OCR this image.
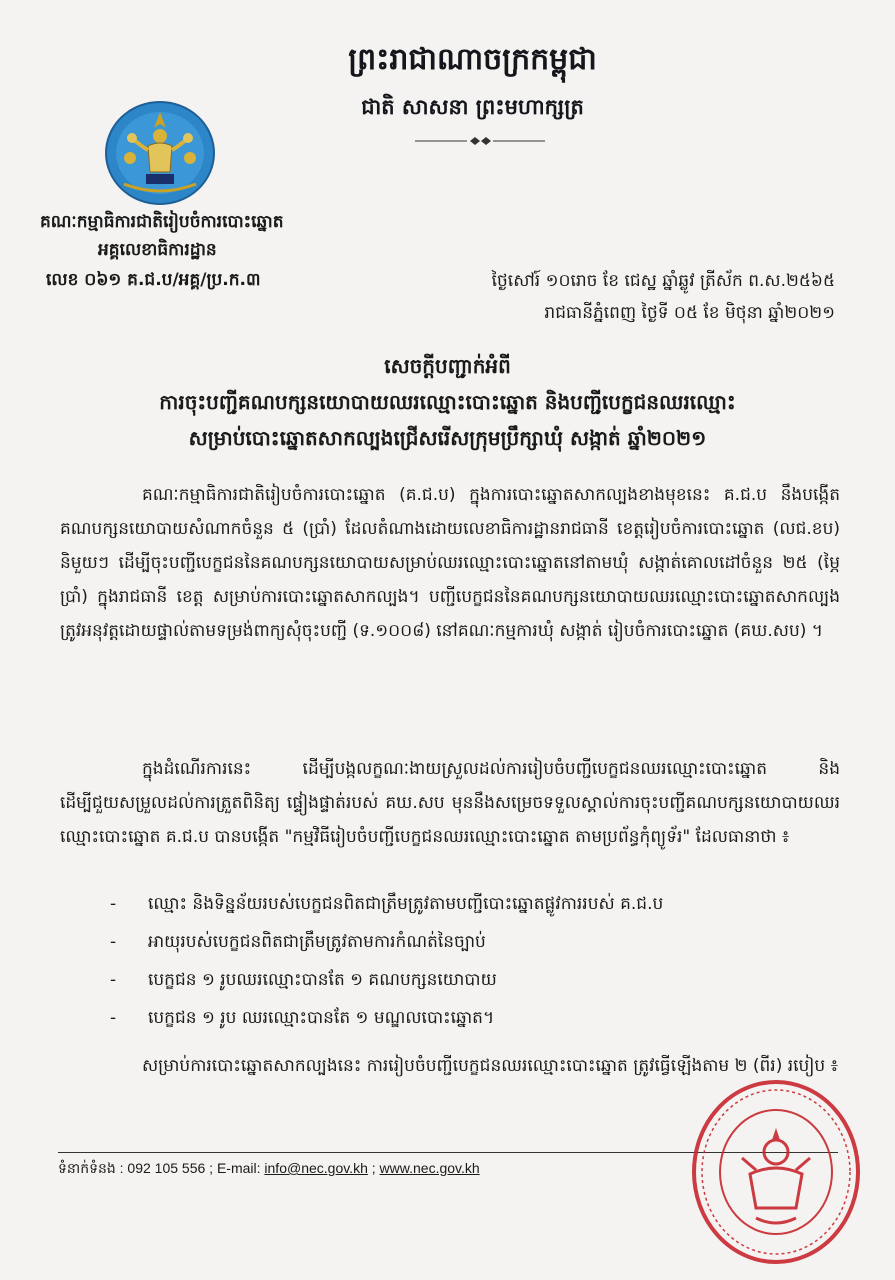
ព្រះរាជាណាចក្រកម្ពុជា
ជាតិ សាសនា ព្រះមហាក្សត្រ
គណៈកម្មាធិការជាតិរៀបចំការបោះឆ្នោត
អគ្គលេខាធិការដ្ឋាន
លេខ ០៦១ គ.ជ.ប/អគ្គ/ប្រ.ក.៣	ថ្ងៃសៅរ៍ ១០រោច ខែ ជេស្ឋ ឆ្នាំឆ្លូវ ត្រីស័ក ព.ស.២៥៦៥
រាជធានីភ្នំពេញ ថ្ងៃទី ០៥ ខែ មិថុនា ឆ្នាំ២០២១
សេចក្ដីបញ្ជាក់អំពី
ការចុះបញ្ជីគណបក្សនយោបាយឈរឈ្មោះបោះឆ្នោត និងបញ្ជីបេក្ខជនឈរឈ្មោះ
សម្រាប់បោះឆ្នោតសាកល្បងជ្រើសរើសក្រុមប្រឹក្សាឃុំ សង្កាត់ ឆ្នាំ២០២១
គណៈកម្មាធិការជាតិរៀបចំការបោះឆ្នោត (គ.ជ.ប) ក្នុងការបោះឆ្នោតសាកល្បងខាងមុខនេះ គ.ជ.ប នឹងបង្កើតគណបក្សនយោបាយសំណាកចំនួន ៥ (ប្រាំ) ដែលតំណាងដោយលេខាធិការដ្ឋានរាជធានី ខេត្តរៀបចំការបោះឆ្នោត (លជ.ខប) និមួយៗ ដើម្បីចុះបញ្ជីបេក្ខជននៃគណបក្សនយោបាយសម្រាប់ឈរឈ្មោះបោះឆ្នោតនៅតាមឃុំ សង្កាត់គោលដៅចំនួន ២៥ (ម្ភៃប្រាំ) ក្នុងរាជធានី ខេត្ត សម្រាប់ការបោះឆ្នោតសាកល្បង។ បញ្ជីបេក្ខជននៃគណបក្សនយោបាយឈរឈ្មោះបោះឆ្នោតសាកល្បង ត្រូវអនុវត្តដោយផ្ទាល់តាមទម្រង់ពាក្យសុំចុះបញ្ជី (ទ.១០០៨) នៅគណៈកម្មការឃុំ សង្កាត់ រៀបចំការបោះឆ្នោត (គឃ.សប) ។
ក្នុងដំណើរការនេះ ដើម្បីបង្កលក្ខណៈងាយស្រួលដល់ការរៀបចំបញ្ជីបេក្ខជនឈរឈ្មោះបោះឆ្នោត និងដើម្បីជួយសម្រួលដល់ការត្រួតពិនិត្យ ផ្ទៀងផ្ទាត់របស់ គឃ.សប មុននឹងសម្រេចទទួលស្គាល់ការចុះបញ្ជីគណបក្សនយោបាយឈរឈ្មោះបោះឆ្នោត គ.ជ.ប បានបង្កើត "កម្មវិធីរៀបចំបញ្ជីបេក្ខជនឈរឈ្មោះបោះឆ្នោត តាមប្រព័ន្ធកុំព្យូទ័រ" ដែលធានាថា ៖
- ឈ្មោះ និងទិន្នន័យរបស់បេក្ខជនពិតជាត្រឹមត្រូវតាមបញ្ជីបោះឆ្នោតផ្លូវការរបស់ គ.ជ.ប
- អាយុរបស់បេក្ខជនពិតជាត្រឹមត្រូវតាមការកំណត់នៃច្បាប់
- បេក្ខជន ១ រូបឈរឈ្មោះបានតែ ១ គណបក្សនយោបាយ
- បេក្ខជន ១ រូប ឈរឈ្មោះបានតែ ១ មណ្ឌលបោះឆ្នោត។
សម្រាប់ការបោះឆ្នោតសាកល្បងនេះ ការរៀបចំបញ្ជីបេក្ខជនឈរឈ្មោះបោះឆ្នោត ត្រូវធ្វើឡើងតាម ២ (ពីរ) របៀប ៖
ទំនាក់ទំនង : 092 105 556 ; E-mail: info@nec.gov.kh ; www.nec.gov.kh
